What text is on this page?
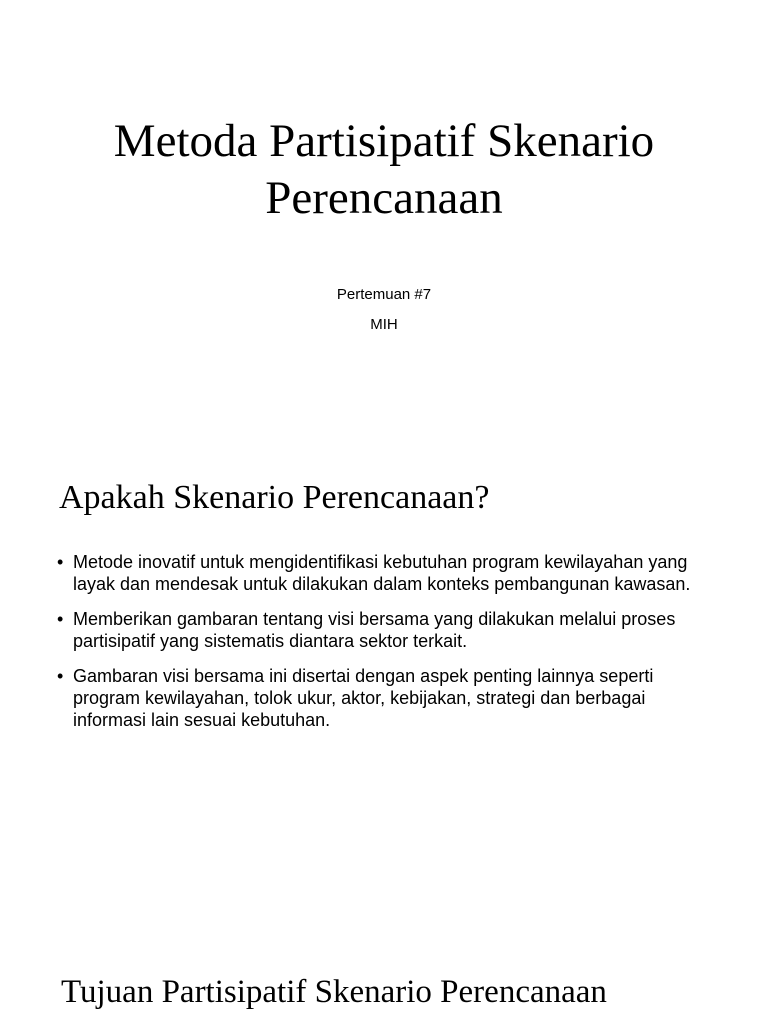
Metoda Partisipatif Skenario
Perencanaan
Pertemuan #7
MIH
Apakah Skenario Perencanaan?
• Metode inovatif untuk mengidentifikasi kebutuhan program kewilayahan yang layak dan mendesak untuk dilakukan dalam konteks pembangunan kawasan.
• Memberikan gambaran tentang visi bersama yang dilakukan melalui proses partisipatif yang sistematis diantara sektor terkait.
• Gambaran visi bersama ini disertai dengan aspek penting lainnya seperti program kewilayahan, tolok ukur, aktor, kebijakan, strategi dan berbagai informasi lain sesuai kebutuhan.
Tujuan Partisipatif Skenario Perencanaan
